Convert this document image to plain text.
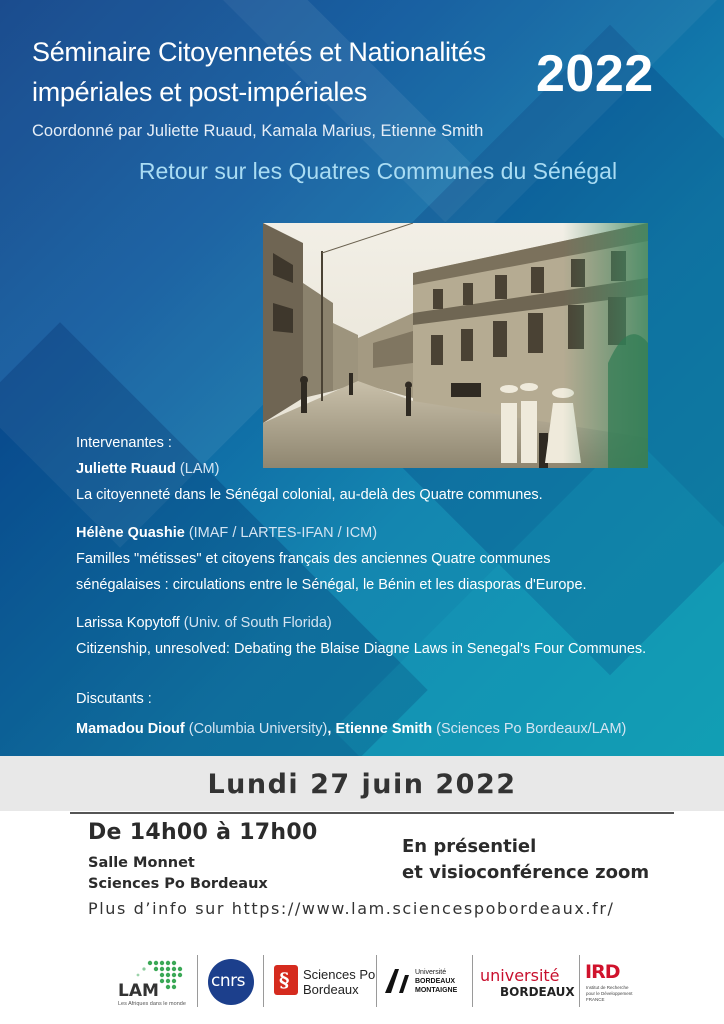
Séminaire Citoyennetés et Nationalités
impériales et post-impériales	2022
Coordonné par Juliette Ruaud, Kamala Marius, Etienne Smith
Retour sur les Quatres Communes du Sénégal
Intervenantes :
Juliette Ruaud (LAM)
La citoyenneté dans le Sénégal colonial, au-delà des Quatre communes.
Hélène Quashie (IMAF / LARTES-IFAN / ICM)
Familles "métisses" et citoyens français des anciennes Quatre communes
sénégalaises : circulations entre le Sénégal, le Bénin et les diasporas d'Europe.
Larissa Kopytoff (Univ. of South Florida)
Citizenship, unresolved: Debating the Blaise Diagne Laws in Senegal's Four Communes.
Discutants :
Mamadou Diouf (Columbia University), Etienne Smith (Sciences Po Bordeaux/LAM)
Lundi 27 juin 2022
De 14h00 à 17h00
Salle Monnet
Sciences Po Bordeaux
En présentiel
et visioconférence zoom
Plus d’info sur https://www.lam.sciencespobordeaux.fr/
LAM
Les Afriques dans le monde
cnrs § Sciences Po
Bordeaux
Université
BORDEAUX
MONTAIGNE
université
BORDEAUX
IRD
Institut de Recherche
pour le Développement
FRANCE
